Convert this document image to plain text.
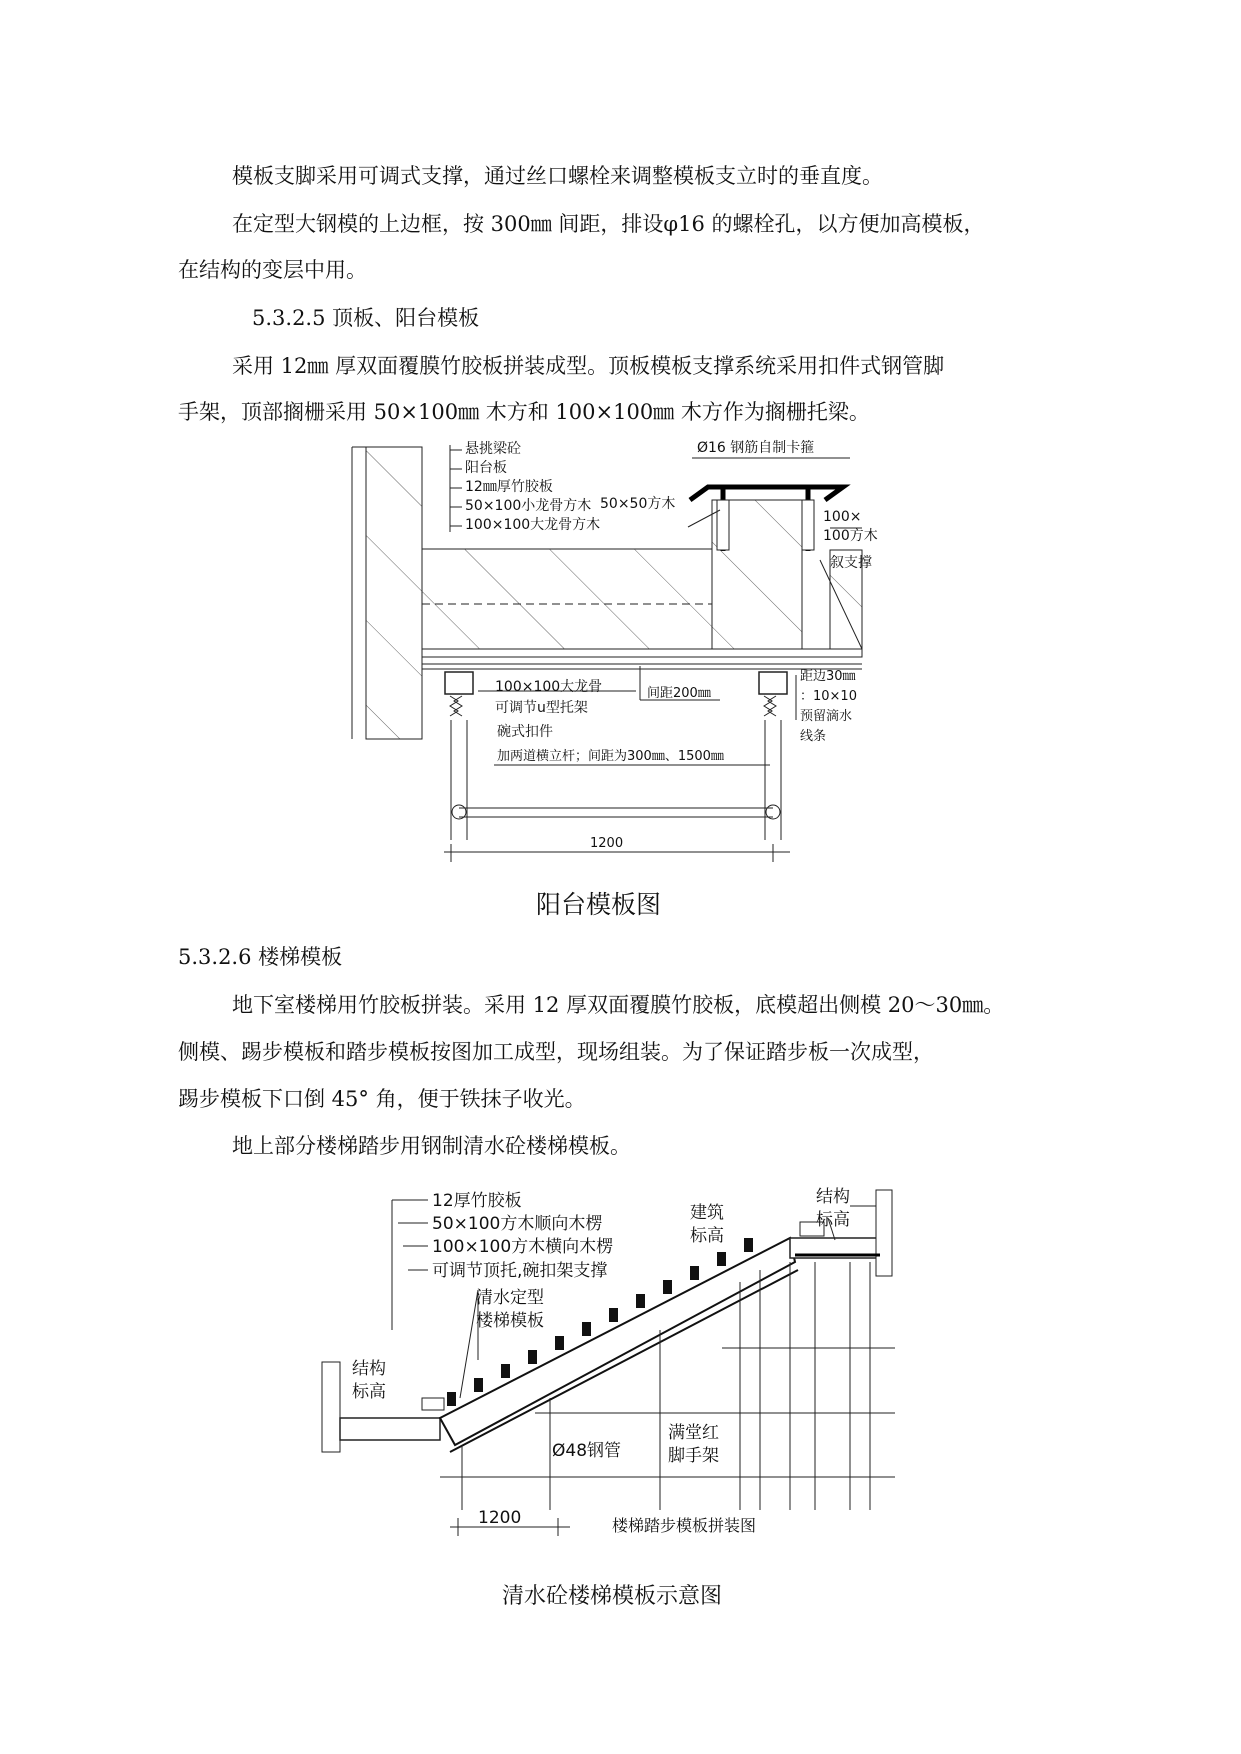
模板支脚采用可调式支撑，通过丝口螺栓来调整模板支立时的垂直度。

在定型大钢模的上边框，按 300㎜ 间距，排设φ16 的螺栓孔，以方便加高模板，

在结构的变层中用。

5.3.2.5 顶板、阳台模板

采用 12㎜ 厚双面覆膜竹胶板拼装成型。顶板模板支撑系统采用扣件式钢管脚

手架，顶部搁栅采用 50×100㎜ 木方和 100×100㎜ 木方作为搁栅托梁。

1200
悬挑梁砼
阳台板
12㎜厚竹胶板
50×100小龙骨方木
100×100大龙骨方木
Ø16 钢筋自制卡箍
50×50方木
100×
100方木
叙支撑
100×100大龙骨
可调节u型托架
间距200㎜
距边30㎜
：10×10
预留滴水
线条
碗式扣件
加两道横立杆；间距为300㎜、1500㎜

阳台模板图

5.3.2.6 楼梯模板

地下室楼梯用竹胶板拼装。采用 12 厚双面覆膜竹胶板，底模超出侧模 20～30㎜。

侧模、踢步模板和踏步模板按图加工成型，现场组装。为了保证踏步板一次成型，

踢步模板下口倒 45° 角，便于铁抹子收光。

地上部分楼梯踏步用钢制清水砼楼梯模板。

1200
12厚竹胶板
50×100方木顺向木楞
100×100方木横向木楞
可调节顶托,碗扣架支撑
清水定型
楼梯模板
建筑
标高
结构
标高
结构
标高
Ø48钢管
满堂红
脚手架
楼梯踏步模板拼装图

清水砼楼梯模板示意图
